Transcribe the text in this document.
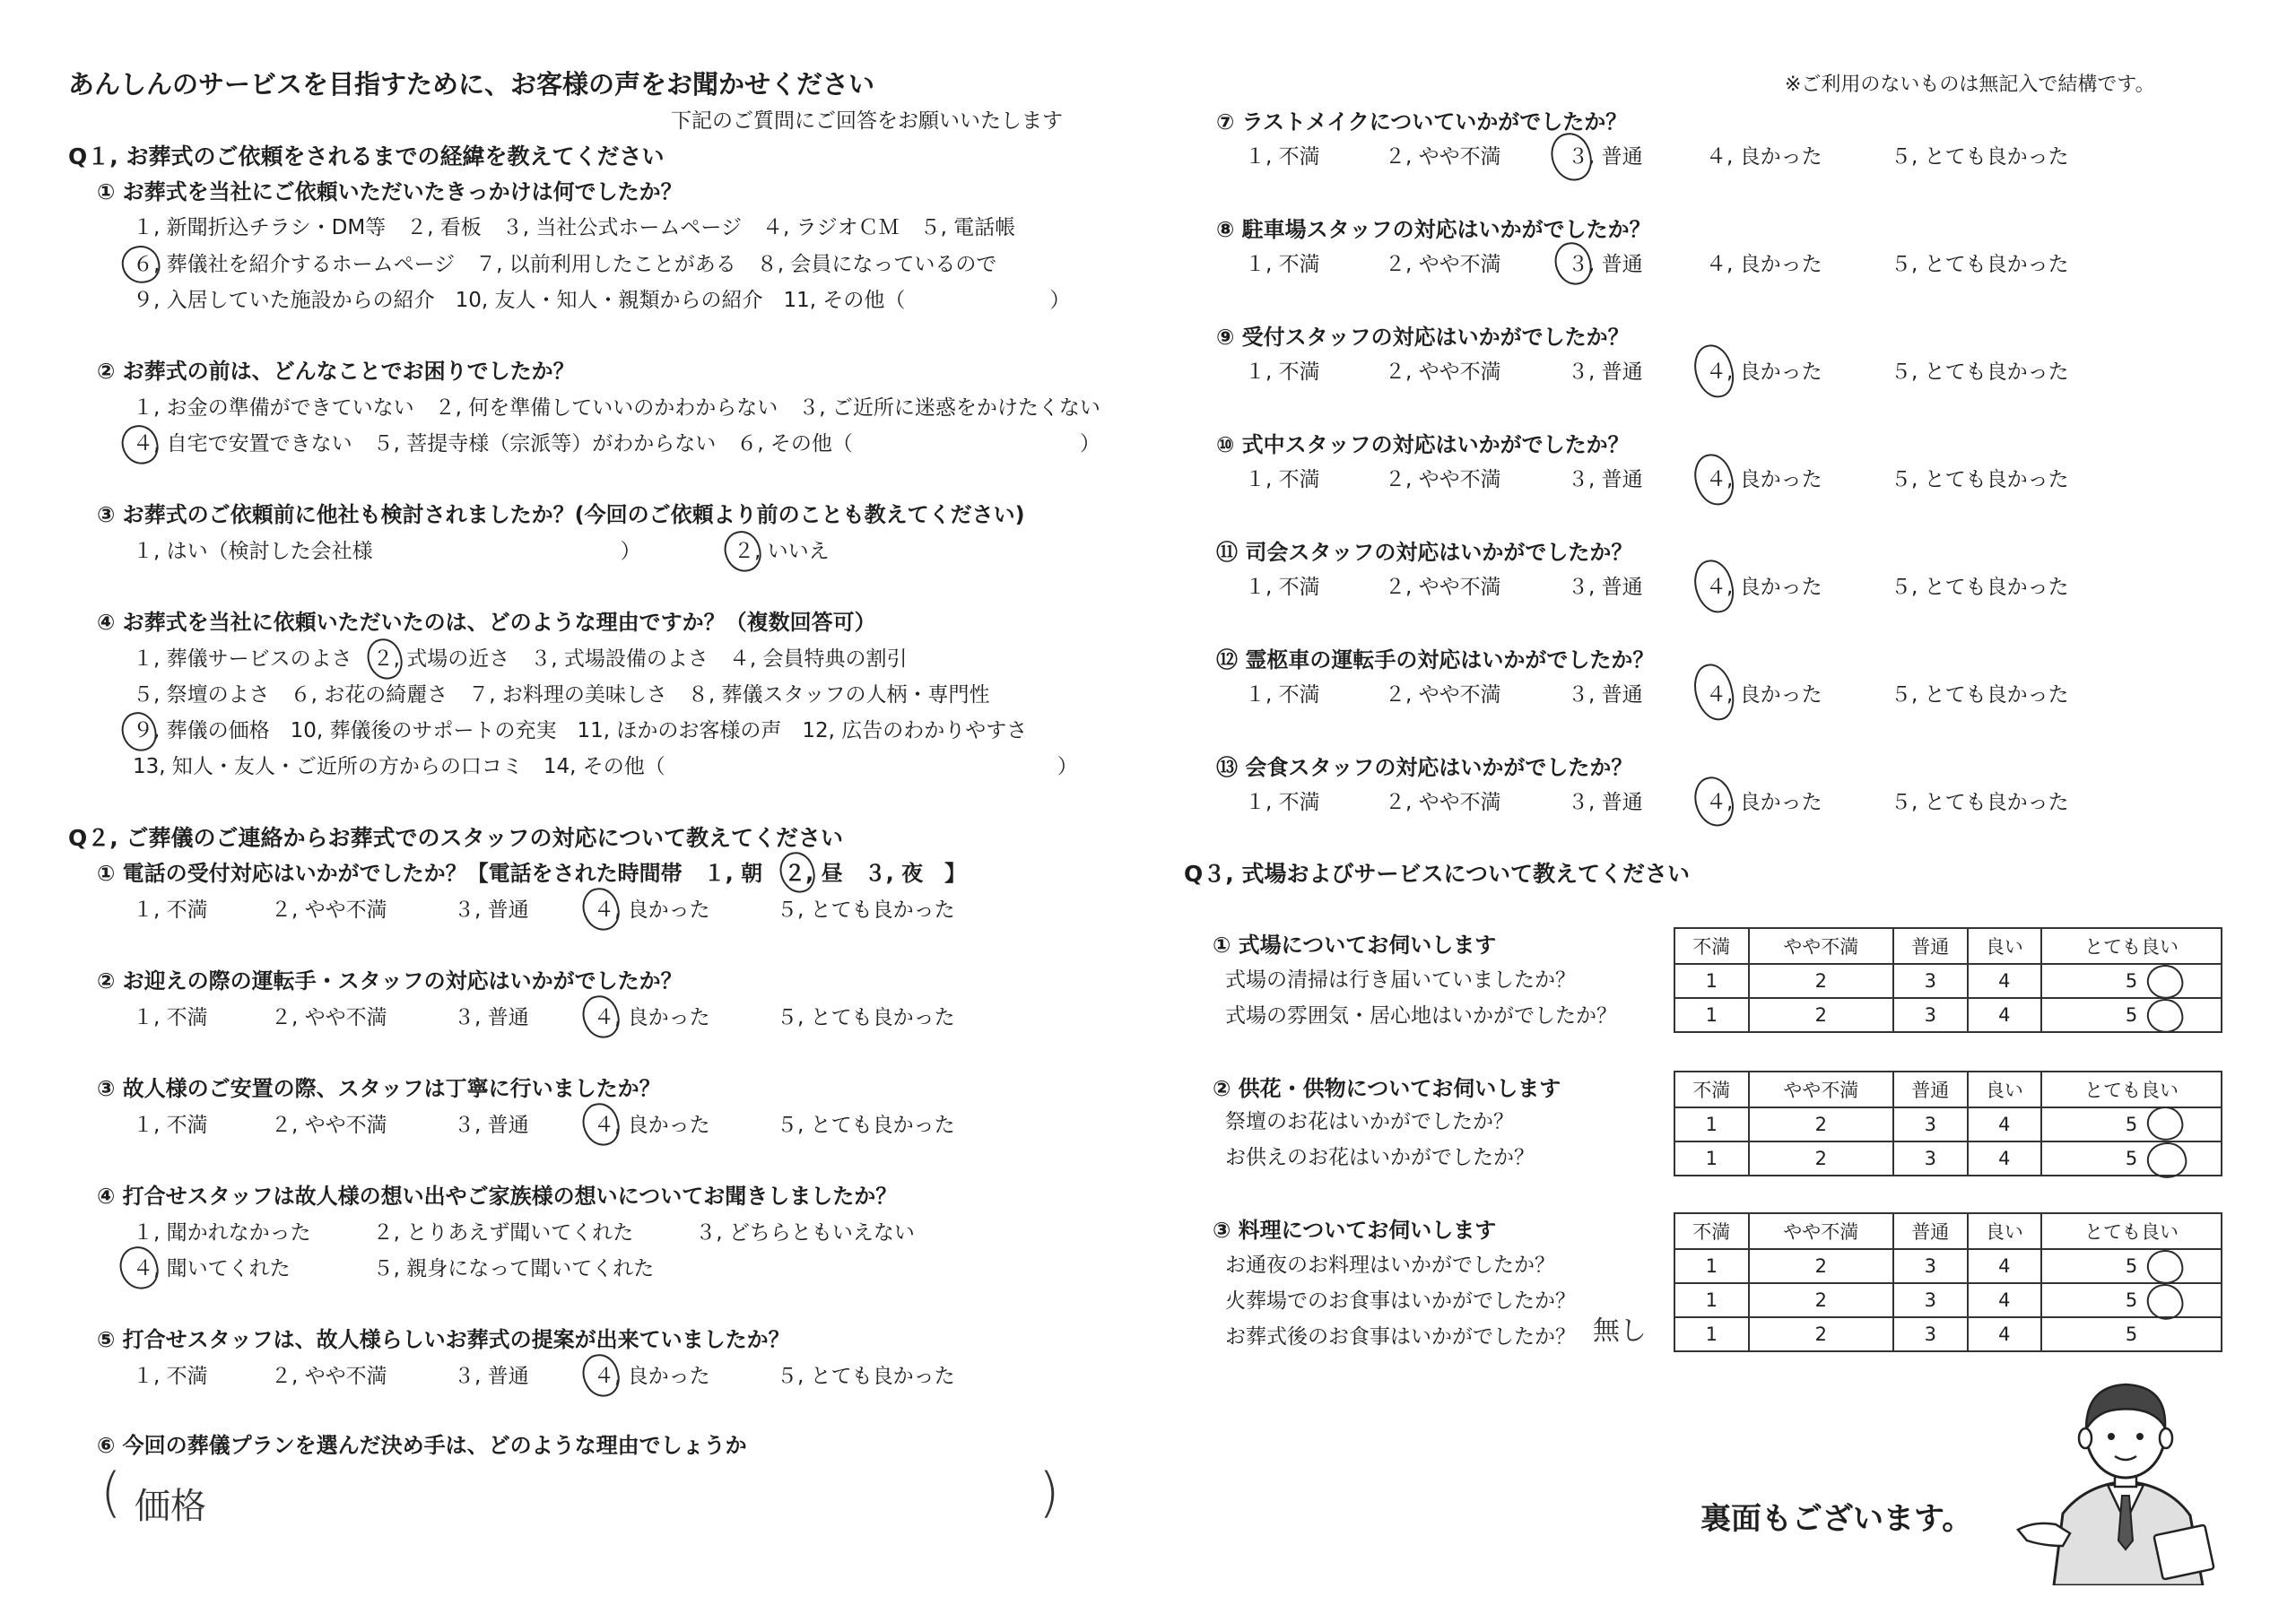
あんしんのサービスを目指すために、お客様の声をお聞かせください	※ご利用のないものは無記入で結構です。
下記のご質問にご回答をお願いいたします
Q１, お葬式のご依頼をされるまでの経緯を教えてください
① お葬式を当社にご依頼いただいたきっかけは何でしたか？
１, 新聞折込チラシ・DM等　２, 看板　３, 当社公式ホームページ　４, ラジオＣＭ　５, 電話帳
６, 葬儀社を紹介するホームページ　７, 以前利用したことがある　８, 会員になっているので
９, 入居していた施設からの紹介　10, 友人・知人・親類からの紹介　11, その他（　　　　　　　）
② お葬式の前は、どんなことでお困りでしたか？
１, お金の準備ができていない　２, 何を準備していいのかわからない　３, ご近所に迷惑をかけたくない
４, 自宅で安置できない　５, 菩提寺様（宗派等）がわからない　６, その他（　　　　　　　　　　　）
③ お葬式のご依頼前に他社も検討されましたか？(今回のご依頼より前のことも教えてください)
１, はい（検討した会社様　　　　　　　　　　　　）	２, いいえ
④ お葬式を当社に依頼いただいたのは、どのような理由ですか？（複数回答可）
１, 葬儀サービスのよさ　２, 式場の近さ　３, 式場設備のよさ　４, 会員特典の割引
５, 祭壇のよさ　６, お花の綺麗さ　７, お料理の美味しさ　８, 葬儀スタッフの人柄・専門性
９, 葬儀の価格　10, 葬儀後のサポートの充実　11, ほかのお客様の声　12, 広告のわかりやすさ
13, 知人・友人・ご近所の方からの口コミ　14, その他（　　　　　　　　　　　　　　　　　　　）
Q２, ご葬儀のご連絡からお葬式でのスタッフの対応について教えてください
① 電話の受付対応はいかがでしたか？【電話をされた時間帯　１, 朝　２, 昼　３, 夜　】
１, 不満	２, やや不満	３, 普通	４, 良かった	５, とても良かった
② お迎えの際の運転手・スタッフの対応はいかがでしたか？
１, 不満	２, やや不満	３, 普通	４, 良かった	５, とても良かった
③ 故人様のご安置の際、スタッフは丁寧に行いましたか？
１, 不満	２, やや不満	３, 普通	４, 良かった	５, とても良かった
④ 打合せスタッフは故人様の想い出やご家族様の想いについてお聞きしましたか？
１, 聞かれなかった　　　２, とりあえず聞いてくれた　　　３, どちらともいえない
４, 聞いてくれた　　　　５, 親身になって聞いてくれた
⑤ 打合せスタッフは、故人様らしいお葬式の提案が出来ていましたか？
１, 不満	２, やや不満	３, 普通	４, 良かった	５, とても良かった
⑥ 今回の葬儀プランを選んだ決め手は、どのような理由でしょうか
( 価格	)
⑦ ラストメイクについていかがでしたか？
１, 不満	２, やや不満	３, 普通	４, 良かった	５, とても良かった
⑧ 駐車場スタッフの対応はいかがでしたか？
１, 不満	２, やや不満	３, 普通	４, 良かった	５, とても良かった
⑨ 受付スタッフの対応はいかがでしたか？
１, 不満	２, やや不満	３, 普通	４, 良かった	５, とても良かった
⑩ 式中スタッフの対応はいかがでしたか？
１, 不満	２, やや不満	３, 普通	４, 良かった	５, とても良かった
⑪ 司会スタッフの対応はいかがでしたか？
１, 不満	２, やや不満	３, 普通	４, 良かった	５, とても良かった
⑫ 霊柩車の運転手の対応はいかがでしたか？
１, 不満	２, やや不満	３, 普通	４, 良かった	５, とても良かった
⑬ 会食スタッフの対応はいかがでしたか？
１, 不満	２, やや不満	３, 普通	４, 良かった	５, とても良かった
Q３, 式場およびサービスについて教えてください
① 式場についてお伺いします
式場の清掃は行き届いていましたか？
式場の雰囲気・居心地はいかがでしたか？
不満	やや不満	普通	良い	とても良い
1	2	3	4	5
1	2	3	4	5
② 供花・供物についてお伺いします
祭壇のお花はいかがでしたか？
お供えのお花はいかがでしたか？
不満	やや不満	普通	良い	とても良い
1	2	3	4	5
1	2	3	4	5
③ 料理についてお伺いします
お通夜のお料理はいかがでしたか？
火葬場でのお食事はいかがでしたか？
お葬式後のお食事はいかがでしたか？ 無し
不満	やや不満	普通	良い	とても良い
1	2	3	4	5
1	2	3	4	5
1	2	3	4	5
裏面もございます。
